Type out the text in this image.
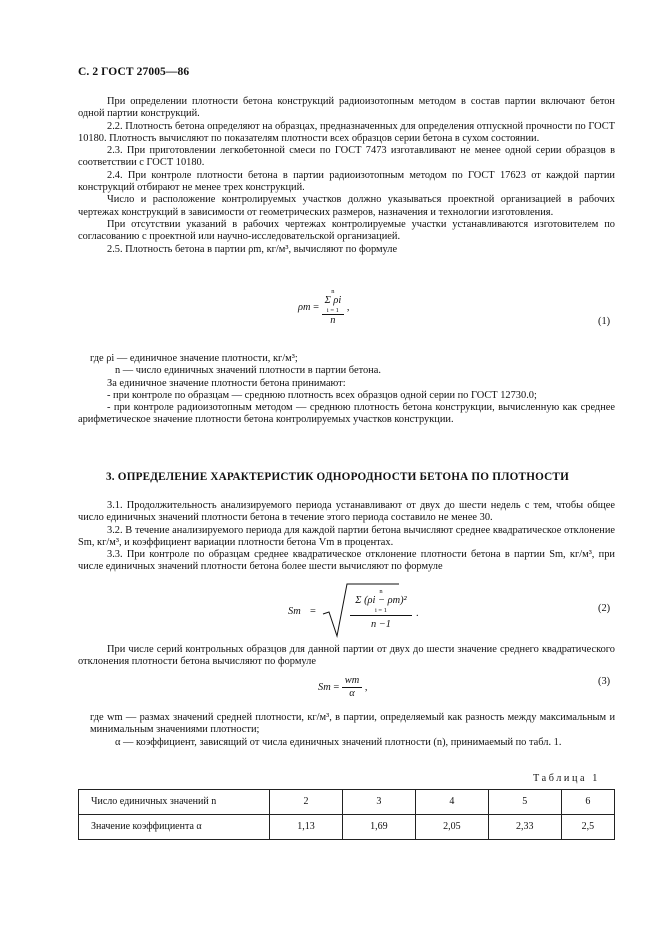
С. 2 ГОСТ 27005—86

При определении плотности бетона конструкций радиоизотопным методом в состав партии включают бетон одной партии конструкций.

2.2. Плотность бетона определяют на образцах, предназначенных для определения отпускной прочности по ГОСТ 10180. Плотность вычисляют по показателям плотности всех образцов серии бетона в сухом состоянии.

2.3. При приготовлении легкобетонной смеси по ГОСТ 7473 изготавливают не менее одной серии образцов в соответствии с ГОСТ 10180.

2.4. При контроле плотности бетона в партии радиоизотопным методом по ГОСТ 17623 от каждой партии конструкций отбирают не менее трех конструкций.

Число и расположение контролируемых участков должно указываться проектной организацией в рабочих чертежах конструкций в зависимости от геометрических размеров, назначения и технологии изготовления.

При отсутствии указаний в рабочих чертежах контролируемые участки устанавливаются изготовителем по согласованию с проектной или научно-исследовательской организацией.

2.5. Плотность бетона в партии ρm, кг/м³, вычисляют по формуле

ρm = n
Σ ρi
i = 1
n ,
(1)

где ρi — единичное значение плотности, кг/м³;

n — число единичных значений плотности в партии бетона.

За единичное значение плотности бетона принимают:

- при контроле по образцам — среднюю плотность всех образцов одной серии по ГОСТ 12730.0;

- при контроле радиоизотопным методом — среднюю плотность бетона конструкции, вычисленную как среднее арифметическое значение плотности бетона контролируемых участков конструкции.

3. ОПРЕДЕЛЕНИЕ ХАРАКТЕРИСТИК ОДНОРОДНОСТИ БЕТОНА ПО ПЛОТНОСТИ

3.1. Продолжительность анализируемого периода устанавливают от двух до шести недель с тем, чтобы общее число единичных значений плотности бетона в течение этого периода составило не менее 30.

3.2. В течение анализируемого периода для каждой партии бетона вычисляют среднее квадратическое отклонение Sm, кг/м³, и коэффициент вариации плотности бетона Vm в процентах.

3.3. При контроле по образцам среднее квадратическое отклонение плотности бетона в партии Sm, кг/м³, при числе единичных значений плотности бетона более шести вычисляют по формуле

Sm =
n
Σ (ρi − ρm)²
i = 1
n −1
.	(2)

При числе серий контрольных образцов для данной партии от двух до шести значение среднего квадратического отклонения плотности бетона вычисляют по формуле

$Sm = \frac{wm}{\alpha}$ ,
(3)

где wm — размах значений средней плотности, кг/м³, в партии, определяемый как разность между максимальным и минимальным значениями плотности;

α — коэффициент, зависящий от числа единичных значений плотности (n), принимаемый по табл. 1.

Таблица 1
Число единичных значений n	2	3	4	5	6
Значение коэффициента α	1,13	1,69	2,05	2,33	2,5
